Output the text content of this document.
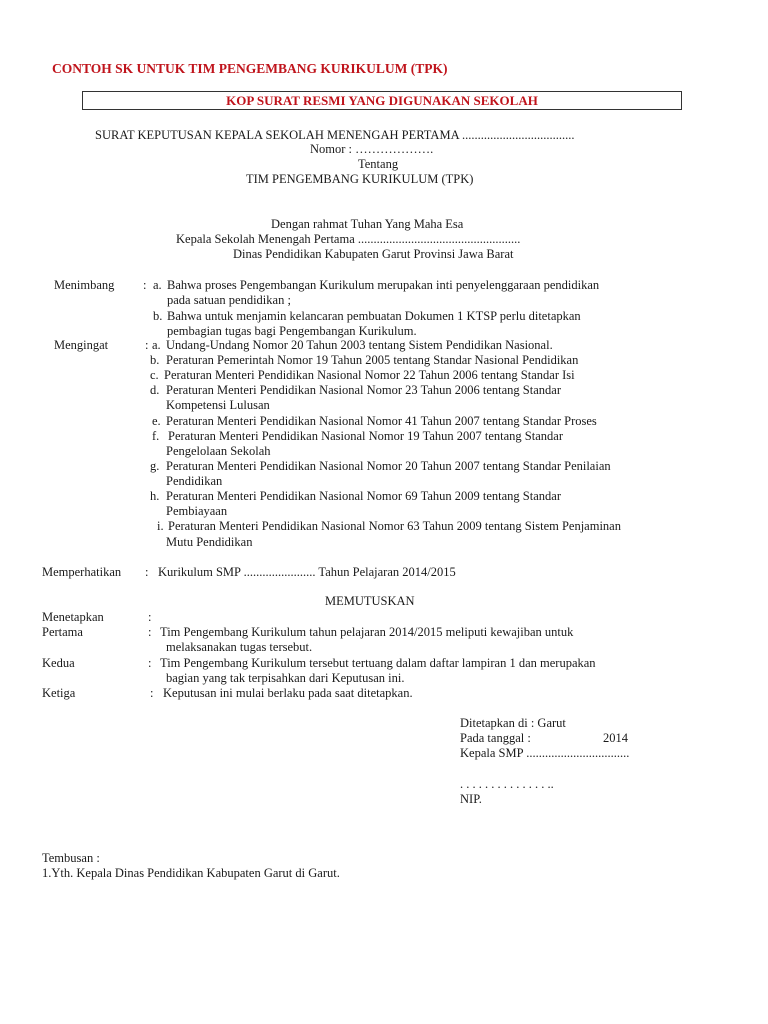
CONTOH SK UNTUK TIM PENGEMBANG KURIKULUM (TPK)
KOP SURAT RESMI YANG DIGUNAKAN SEKOLAH
SURAT KEPUTUSAN KEPALA SEKOLAH MENENGAH PERTAMA ....................................
Nomor : ……………….
Tentang
TIM PENGEMBANG KURIKULUM (TPK)
Dengan rahmat Tuhan Yang Maha Esa
Kepala Sekolah Menengah Pertama ....................................................
Dinas Pendidikan Kabupaten Garut Provinsi Jawa Barat
Menimbang : a. Bahwa proses Pengembangan Kurikulum merupakan inti penyelenggaraan pendidikan
pada satuan pendidikan ;
b. Bahwa untuk menjamin kelancaran pembuatan Dokumen 1 KTSP perlu ditetapkan
pembagian tugas bagi Pengembangan Kurikulum.
Mengingat	: a. Undang-Undang Nomor 20 Tahun 2003 tentang Sistem Pendidikan Nasional.
b. Peraturan Pemerintah Nomor 19 Tahun 2005 tentang Standar Nasional Pendidikan
c. Peraturan Menteri Pendidikan Nasional Nomor 22 Tahun 2006 tentang Standar Isi
d. Peraturan Menteri Pendidikan Nasional Nomor 23 Tahun 2006 tentang Standar
Kompetensi Lulusan
e. Peraturan Menteri Pendidikan Nasional Nomor 41 Tahun 2007 tentang Standar Proses
f. Peraturan Menteri Pendidikan Nasional Nomor 19 Tahun 2007 tentang Standar
Pengelolaan Sekolah
g. Peraturan Menteri Pendidikan Nasional Nomor 20 Tahun 2007 tentang Standar Penilaian
Pendidikan
h. Peraturan Menteri Pendidikan Nasional Nomor 69 Tahun 2009 tentang Standar
Pembiayaan
i. Peraturan Menteri Pendidikan Nasional Nomor 63 Tahun 2009 tentang Sistem Penjaminan
Mutu Pendidikan
Memperhatikan : Kurikulum SMP ....................... Tahun Pelajaran 2014/2015
MEMUTUSKAN
Menetapkan	:
Pertama	: Tim Pengembang Kurikulum tahun pelajaran 2014/2015 meliputi kewajiban untuk
melaksanakan tugas tersebut.
Kedua	: Tim Pengembang Kurikulum tersebut tertuang dalam daftar lampiran 1 dan merupakan
bagian yang tak terpisahkan dari Keputusan ini.
Ketiga	: Keputusan ini mulai berlaku pada saat ditetapkan.
Ditetapkan di : Garut
Pada tanggal :	2014
Kepala SMP .................................
. . . . . . . . . . . . . . ..
NIP.
Tembusan :
1.Yth. Kepala Dinas Pendidikan Kabupaten Garut di Garut.
